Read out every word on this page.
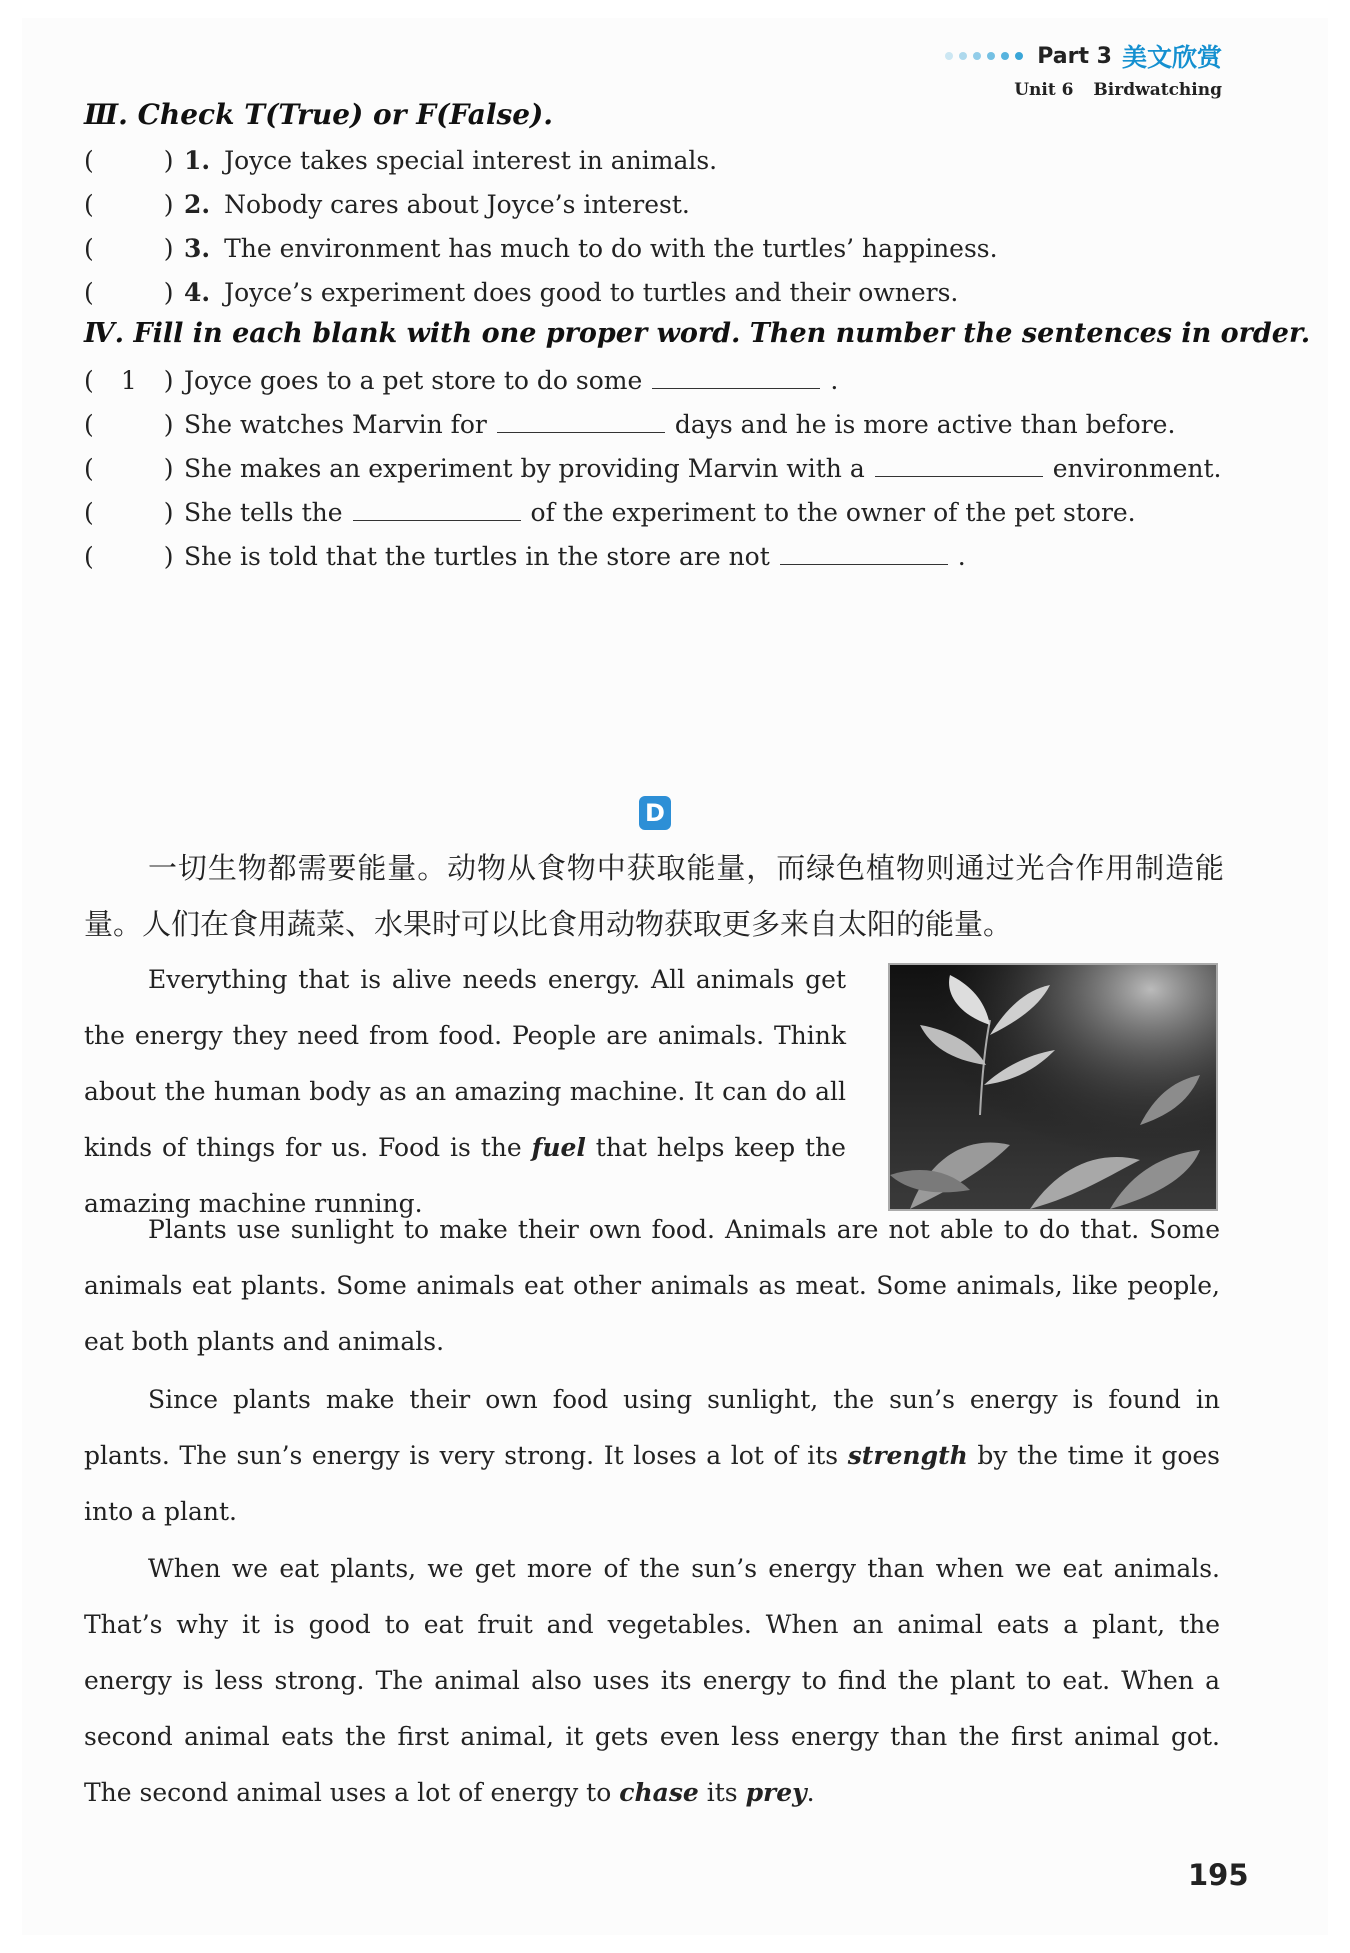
Part 3 美文欣赏
Unit 6 Birdwatching
Ⅲ. Check T(True) or F(False).
(	) 1. Joyce takes special interest in animals.
(	) 2. Nobody cares about Joyce’s interest.
(	) 3. The environment has much to do with the turtles’ happiness.
(	) 4. Joyce’s experiment does good to turtles and their owners.
Ⅳ. Fill in each blank with one proper word. Then number the sentences in order.
( 1 ) Joyce goes to a pet store to do some	.
(	) She watches Marvin for	days and he is more active than before.
(	) She makes an experiment by providing Marvin with a	environment.
(	) She tells the	of the experiment to the owner of the pet store.
(	) She is told that the turtles in the store are not	.
D
一切生物都需要能量。动物从食物中获取能量，而绿色植物则通过光合作用制造能量。人们在食用蔬菜、水果时可以比食用动物获取更多来自太阳的能量。
Everything that is alive needs energy. All animals get the energy they need from food. People are animals. Think about the human body as an amazing machine. It can do all kinds of things for us. Food is the fuel that helps keep the amazing machine running.
Plants use sunlight to make their own food. Animals are not able to do that. Some animals eat plants. Some animals eat other animals as meat. Some animals, like people, eat both plants and animals.
Since plants make their own food using sunlight, the sun’s energy is found in plants. The sun’s energy is very strong. It loses a lot of its strength by the time it goes into a plant.
When we eat plants, we get more of the sun’s energy than when we eat animals. That’s why it is good to eat fruit and vegetables. When an animal eats a plant, the energy is less strong. The animal also uses its energy to find the plant to eat. When a second animal eats the first animal, it gets even less energy than the first animal got. The second animal uses a lot of energy to chase its prey.
195
